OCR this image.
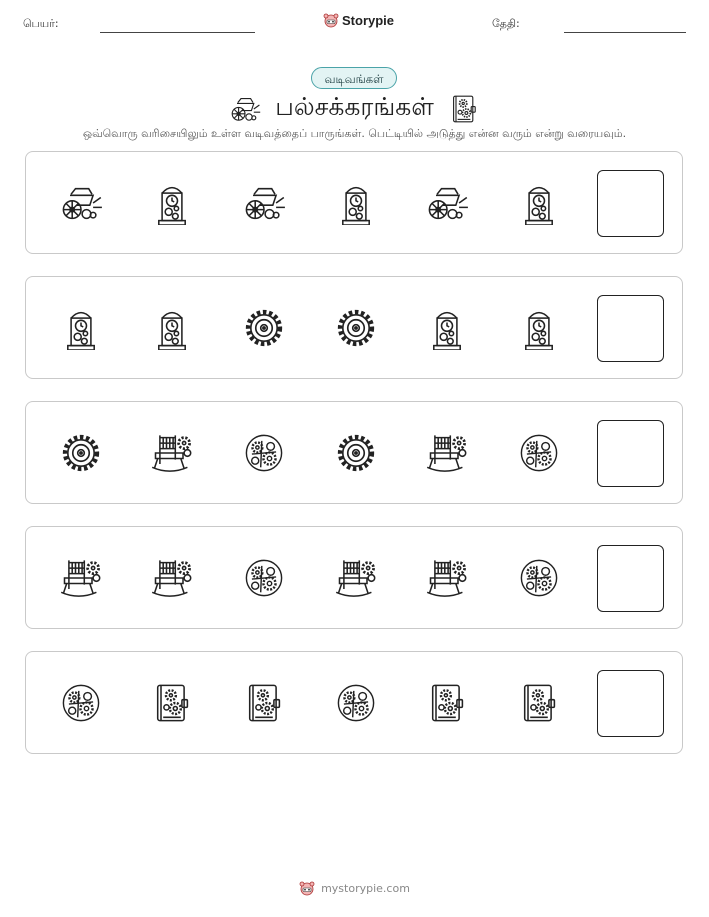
பெயர்:	Storypie	தேதி:
வடிவங்கள்
பல்சக்கரங்கள்
ஒவ்வொரு வரிசையிலும் உள்ள வடிவத்தைப் பாருங்கள். பெட்டியில் அடுத்து என்ன வரும் என்று வரையவும்.
mystorypie.com
